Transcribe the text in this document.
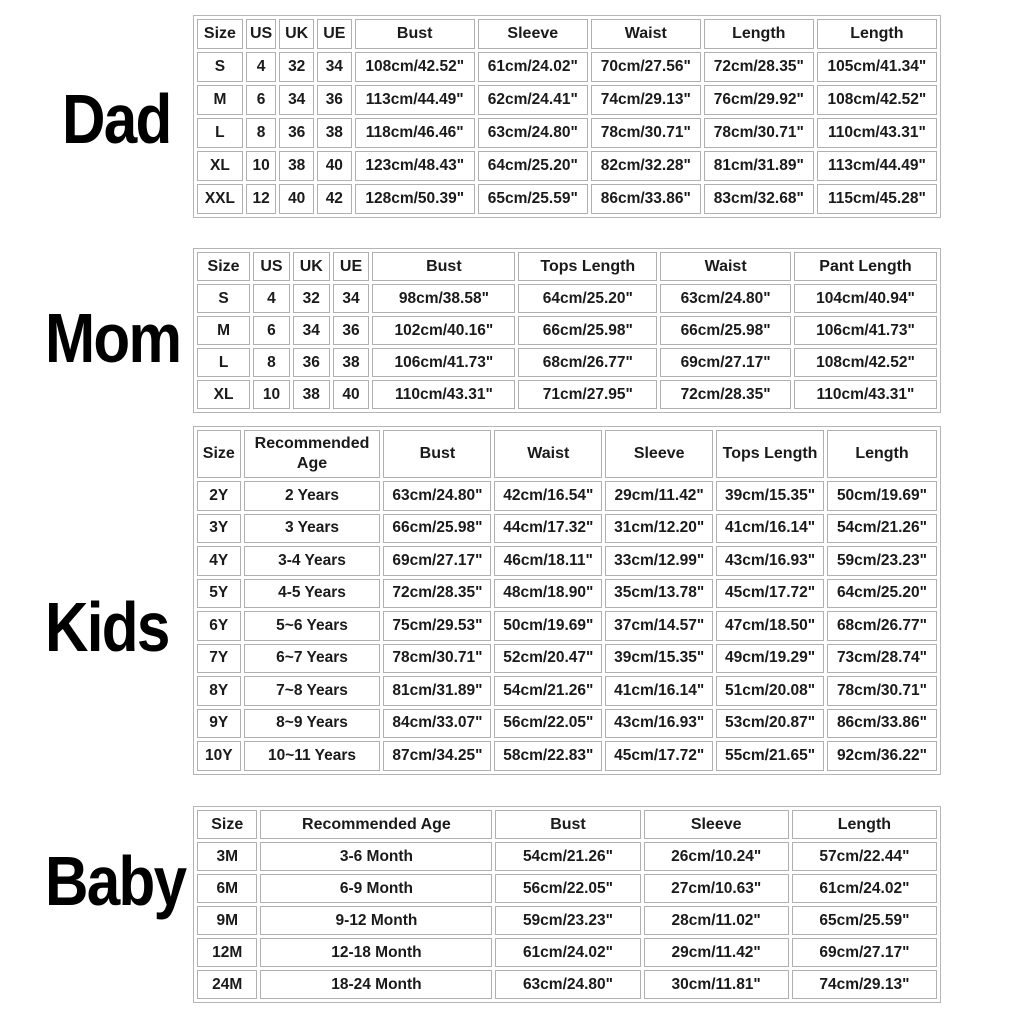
Dad
Mom
Kids
Baby
Size	US	UK	UE	Bust	Sleeve	Waist	Length	Length
S	4	32	34	108cm/42.52"	61cm/24.02"	70cm/27.56"	72cm/28.35"	105cm/41.34"
M	6	34	36	113cm/44.49"	62cm/24.41"	74cm/29.13"	76cm/29.92"	108cm/42.52"
L	8	36	38	118cm/46.46"	63cm/24.80"	78cm/30.71"	78cm/30.71"	110cm/43.31"
XL	10	38	40	123cm/48.43"	64cm/25.20"	82cm/32.28"	81cm/31.89"	113cm/44.49"
XXL	12	40	42	128cm/50.39"	65cm/25.59"	86cm/33.86"	83cm/32.68"	115cm/45.28"
Size	US	UK	UE	Bust	Tops Length	Waist	Pant Length
S	4	32	34	98cm/38.58"	64cm/25.20"	63cm/24.80"	104cm/40.94"
M	6	34	36	102cm/40.16"	66cm/25.98"	66cm/25.98"	106cm/41.73"
L	8	36	38	106cm/41.73"	68cm/26.77"	69cm/27.17"	108cm/42.52"
XL	10	38	40	110cm/43.31"	71cm/27.95"	72cm/28.35"	110cm/43.31"
Size	Recommended Age	Bust	Waist	Sleeve	Tops Length	Length
2Y	2 Years	63cm/24.80"	42cm/16.54"	29cm/11.42"	39cm/15.35"	50cm/19.69"
3Y	3 Years	66cm/25.98"	44cm/17.32"	31cm/12.20"	41cm/16.14"	54cm/21.26"
4Y	3-4 Years	69cm/27.17"	46cm/18.11"	33cm/12.99"	43cm/16.93"	59cm/23.23"
5Y	4-5 Years	72cm/28.35"	48cm/18.90"	35cm/13.78"	45cm/17.72"	64cm/25.20"
6Y	5~6 Years	75cm/29.53"	50cm/19.69"	37cm/14.57"	47cm/18.50"	68cm/26.77"
7Y	6~7 Years	78cm/30.71"	52cm/20.47"	39cm/15.35"	49cm/19.29"	73cm/28.74"
8Y	7~8 Years	81cm/31.89"	54cm/21.26"	41cm/16.14"	51cm/20.08"	78cm/30.71"
9Y	8~9 Years	84cm/33.07"	56cm/22.05"	43cm/16.93"	53cm/20.87"	86cm/33.86"
10Y	10~11 Years	87cm/34.25"	58cm/22.83"	45cm/17.72"	55cm/21.65"	92cm/36.22"
Size	Recommended Age	Bust	Sleeve	Length
3M	3-6 Month	54cm/21.26"	26cm/10.24"	57cm/22.44"
6M	6-9 Month	56cm/22.05"	27cm/10.63"	61cm/24.02"
9M	9-12 Month	59cm/23.23"	28cm/11.02"	65cm/25.59"
12M	12-18 Month	61cm/24.02"	29cm/11.42"	69cm/27.17"
24M	18-24 Month	63cm/24.80"	30cm/11.81"	74cm/29.13"
